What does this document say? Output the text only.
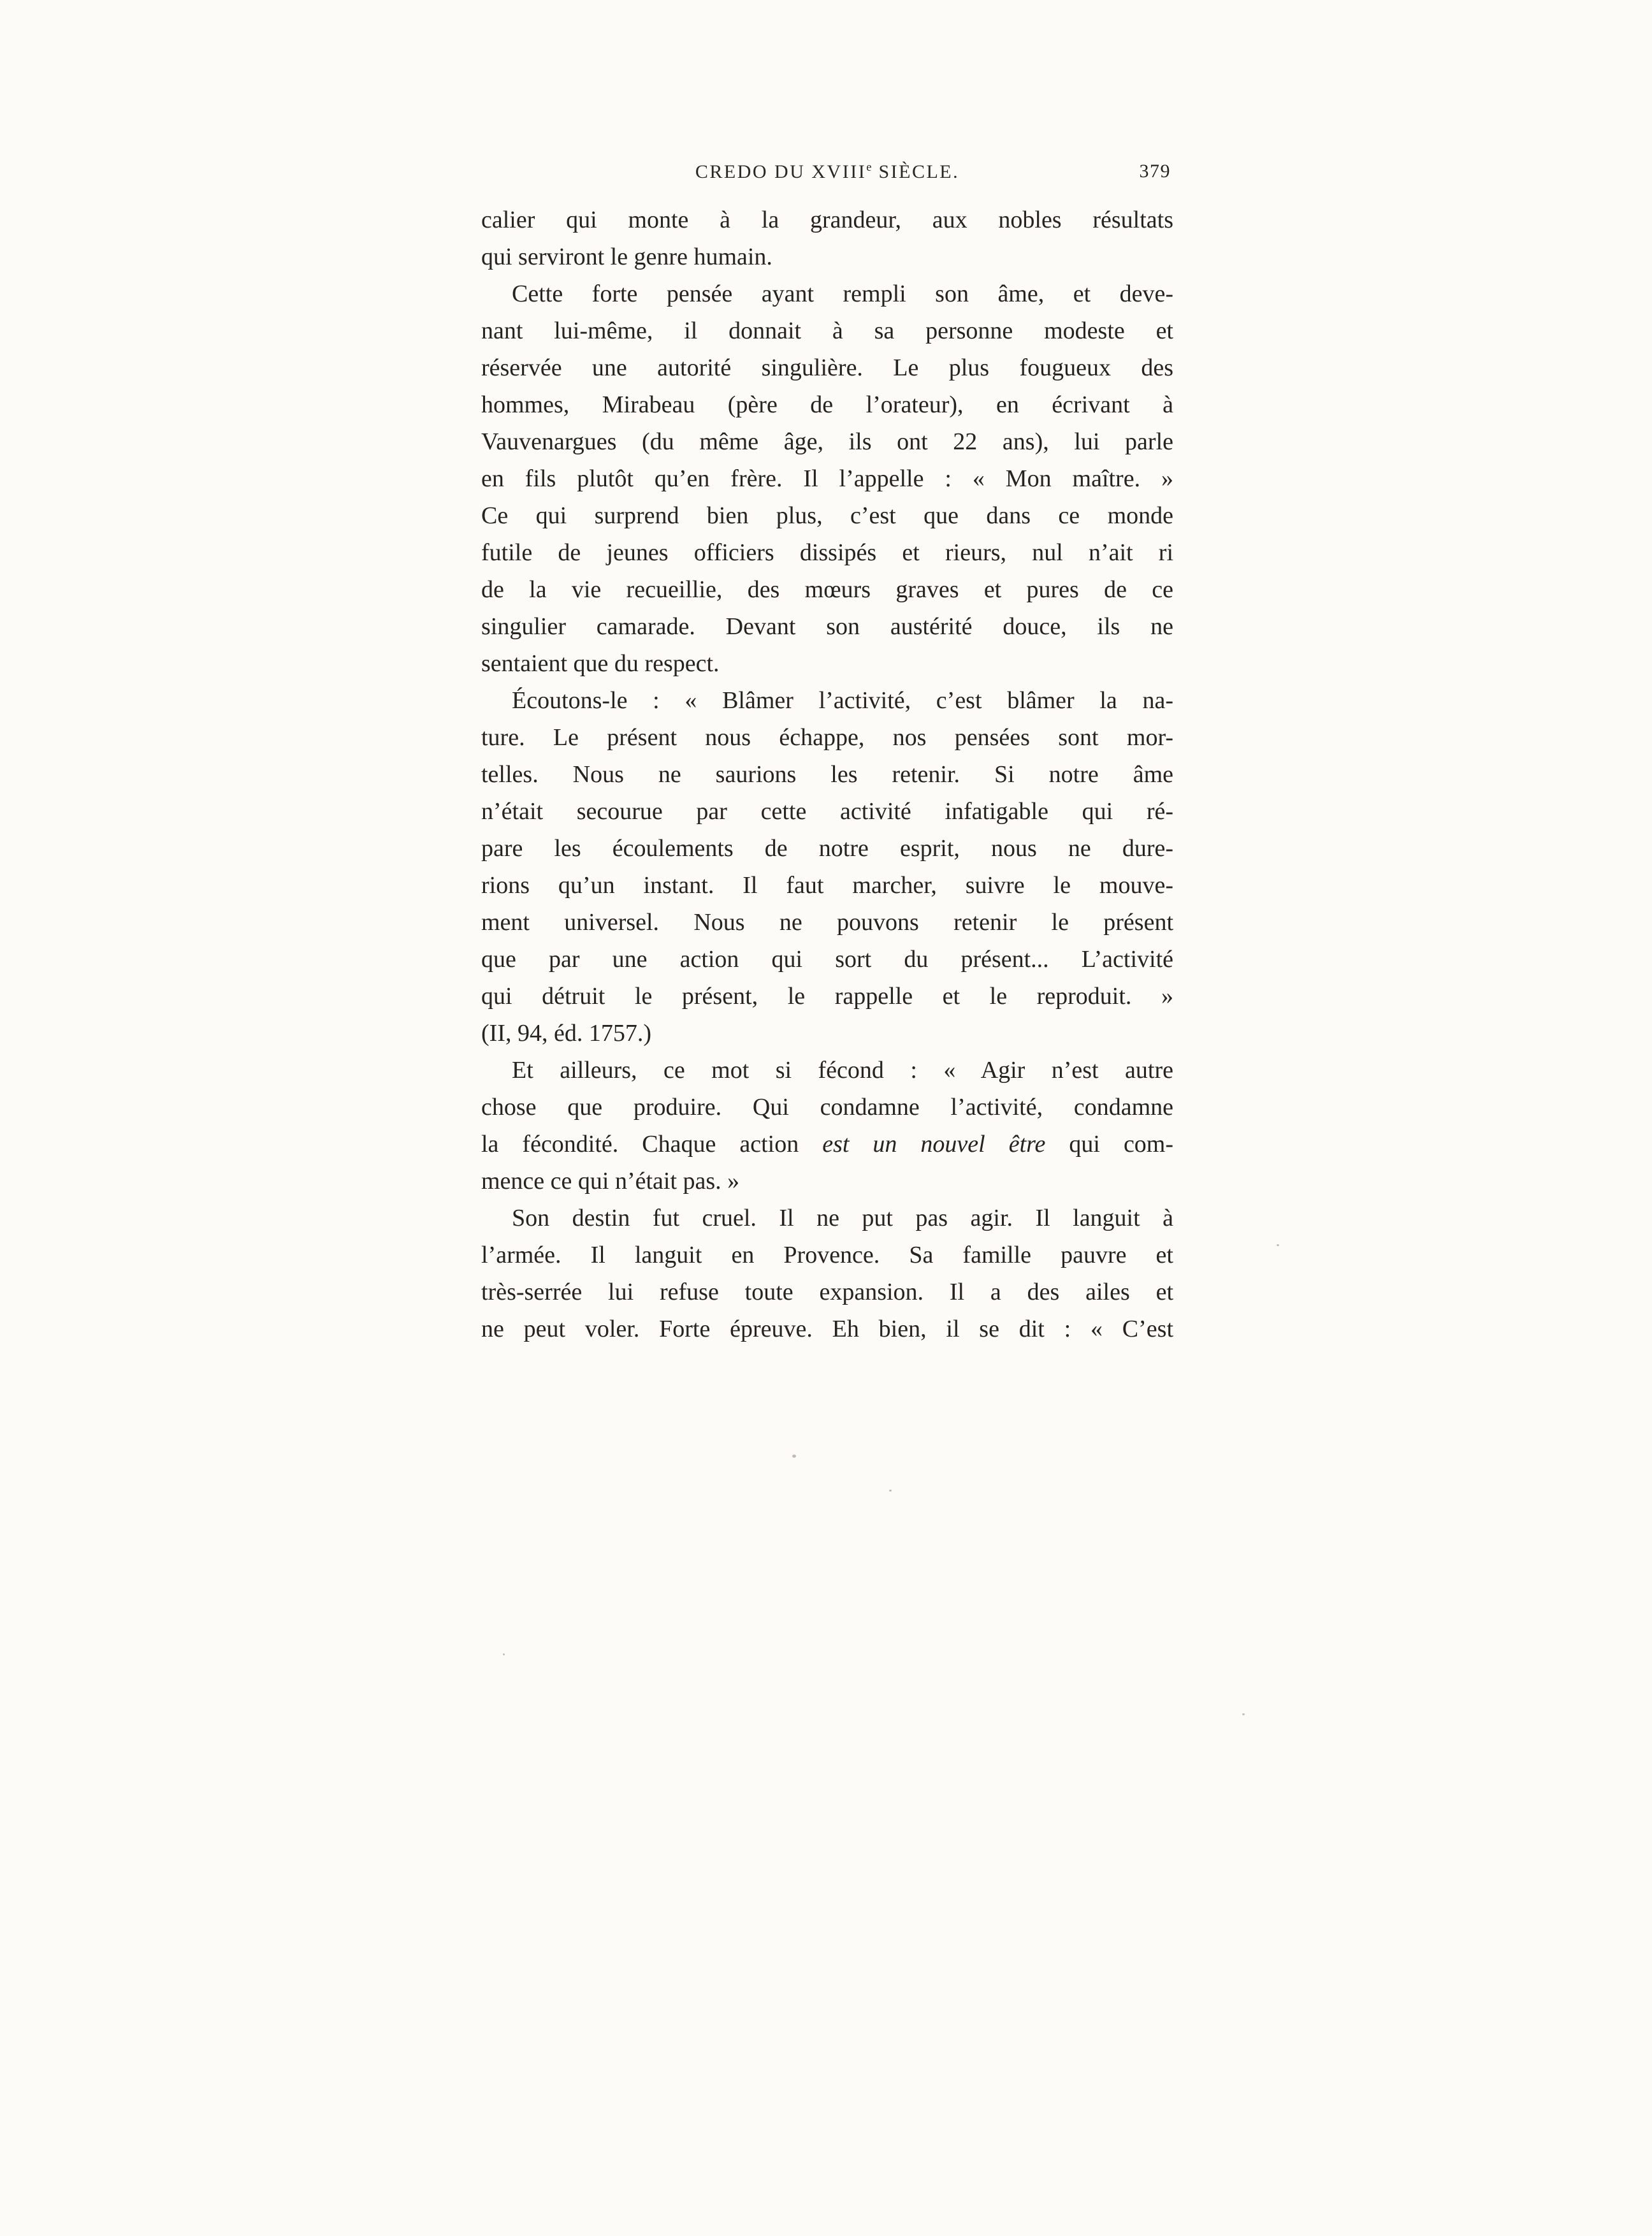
CREDO DU XVIIIe SIÈCLE.	379
calier qui monte à la grandeur, aux nobles résultats
qui serviront le genre humain.
Cette forte pensée ayant rempli son âme, et deve-
nant lui-même, il donnait à sa personne modeste et
réservée une autorité singulière. Le plus fougueux des
hommes, Mirabeau (père de l’orateur), en écrivant à
Vauvenargues (du même âge, ils ont 22 ans), lui parle
en fils plutôt qu’en frère. Il l’appelle : « Mon maître. »
Ce qui surprend bien plus, c’est que dans ce monde
futile de jeunes officiers dissipés et rieurs, nul n’ait ri
de la vie recueillie, des mœurs graves et pures de ce
singulier camarade. Devant son austérité douce, ils ne
sentaient que du respect.
Écoutons-le : « Blâmer l’activité, c’est blâmer la na-
ture. Le présent nous échappe, nos pensées sont mor-
telles. Nous ne saurions les retenir. Si notre âme
n’était secourue par cette activité infatigable qui ré-
pare les écoulements de notre esprit, nous ne dure-
rions qu’un instant. Il faut marcher, suivre le mouve-
ment universel. Nous ne pouvons retenir le présent
que par une action qui sort du présent... L’activité
qui détruit le présent, le rappelle et le reproduit. »
(II, 94, éd. 1757.)
Et ailleurs, ce mot si fécond : « Agir n’est autre
chose que produire. Qui condamne l’activité, condamne
la fécondité. Chaque action est un nouvel être qui com-
mence ce qui n’était pas. »
Son destin fut cruel. Il ne put pas agir. Il languit à
l’armée. Il languit en Provence. Sa famille pauvre et
très-serrée lui refuse toute expansion. Il a des ailes et
ne peut voler. Forte épreuve. Eh bien, il se dit : « C’est
